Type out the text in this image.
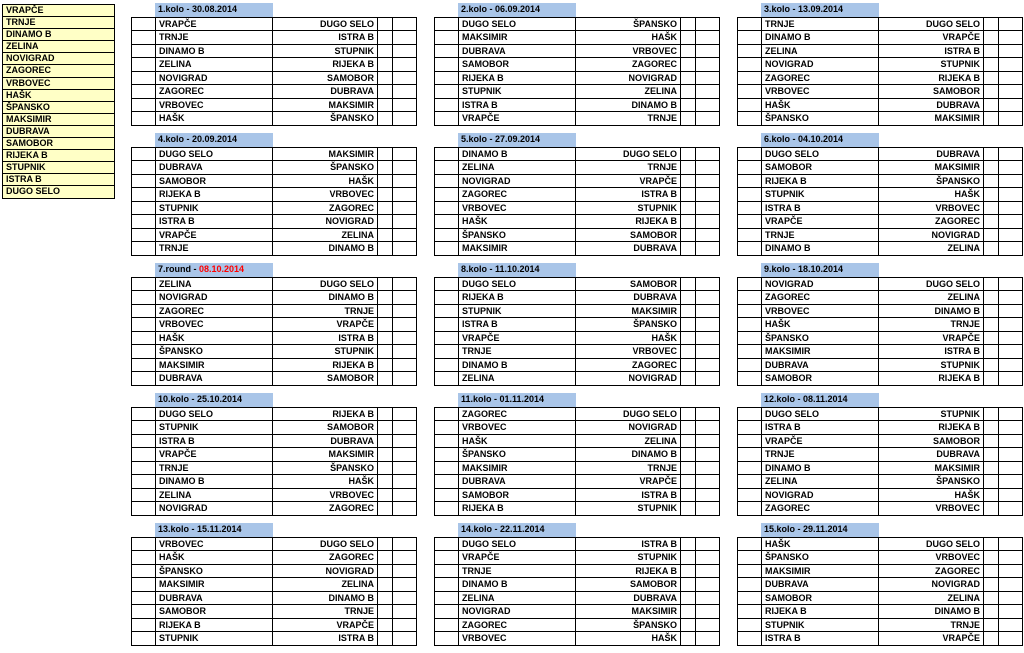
VRAPČE
TRNJE
DINAMO B
ZELINA
NOVIGRAD
ZAGOREC
VRBOVEC
HAŠK
ŠPANSKO
MAKSIMIR
DUBRAVA
SAMOBOR
RIJEKA B
STUPNIK
ISTRA B
DUGO SELO
1.kolo - 30.08.2014
	VRAPČE	DUGO SELO		
	TRNJE	ISTRA B		
	DINAMO B	STUPNIK		
	ZELINA	RIJEKA B		
	NOVIGRAD	SAMOBOR		
	ZAGOREC	DUBRAVA		
	VRBOVEC	MAKSIMIR		
	HAŠK	ŠPANSKO		
2.kolo - 06.09.2014
	DUGO SELO	ŠPANSKO		
	MAKSIMIR	HAŠK		
	DUBRAVA	VRBOVEC		
	SAMOBOR	ZAGOREC		
	RIJEKA B	NOVIGRAD		
	STUPNIK	ZELINA		
	ISTRA B	DINAMO B		
	VRAPČE	TRNJE		
3.kolo - 13.09.2014
	TRNJE	DUGO SELO		
	DINAMO B	VRAPČE		
	ZELINA	ISTRA B		
	NOVIGRAD	STUPNIK		
	ZAGOREC	RIJEKA B		
	VRBOVEC	SAMOBOR		
	HAŠK	DUBRAVA		
	ŠPANSKO	MAKSIMIR		
4.kolo - 20.09.2014
	DUGO SELO	MAKSIMIR		
	DUBRAVA	ŠPANSKO		
	SAMOBOR	HAŠK		
	RIJEKA B	VRBOVEC		
	STUPNIK	ZAGOREC		
	ISTRA B	NOVIGRAD		
	VRAPČE	ZELINA		
	TRNJE	DINAMO B		
5.kolo - 27.09.2014
	DINAMO B	DUGO SELO		
	ZELINA	TRNJE		
	NOVIGRAD	VRAPČE		
	ZAGOREC	ISTRA B		
	VRBOVEC	STUPNIK		
	HAŠK	RIJEKA B		
	ŠPANSKO	SAMOBOR		
	MAKSIMIR	DUBRAVA		
6.kolo - 04.10.2014
	DUGO SELO	DUBRAVA		
	SAMOBOR	MAKSIMIR		
	RIJEKA B	ŠPANSKO		
	STUPNIK	HAŠK		
	ISTRA B	VRBOVEC		
	VRAPČE	ZAGOREC		
	TRNJE	NOVIGRAD		
	DINAMO B	ZELINA		
7.round - 08.10.2014
	ZELINA	DUGO SELO		
	NOVIGRAD	DINAMO B		
	ZAGOREC	TRNJE		
	VRBOVEC	VRAPČE		
	HAŠK	ISTRA B		
	ŠPANSKO	STUPNIK		
	MAKSIMIR	RIJEKA B		
	DUBRAVA	SAMOBOR		
8.kolo - 11.10.2014
	DUGO SELO	SAMOBOR		
	RIJEKA B	DUBRAVA		
	STUPNIK	MAKSIMIR		
	ISTRA B	ŠPANSKO		
	VRAPČE	HAŠK		
	TRNJE	VRBOVEC		
	DINAMO B	ZAGOREC		
	ZELINA	NOVIGRAD		
9.kolo - 18.10.2014
	NOVIGRAD	DUGO SELO		
	ZAGOREC	ZELINA		
	VRBOVEC	DINAMO B		
	HAŠK	TRNJE		
	ŠPANSKO	VRAPČE		
	MAKSIMIR	ISTRA B		
	DUBRAVA	STUPNIK		
	SAMOBOR	RIJEKA B		
10.kolo - 25.10.2014
	DUGO SELO	RIJEKA B		
	STUPNIK	SAMOBOR		
	ISTRA B	DUBRAVA		
	VRAPČE	MAKSIMIR		
	TRNJE	ŠPANSKO		
	DINAMO B	HAŠK		
	ZELINA	VRBOVEC		
	NOVIGRAD	ZAGOREC		
11.kolo - 01.11.2014
	ZAGOREC	DUGO SELO		
	VRBOVEC	NOVIGRAD		
	HAŠK	ZELINA		
	ŠPANSKO	DINAMO B		
	MAKSIMIR	TRNJE		
	DUBRAVA	VRAPČE		
	SAMOBOR	ISTRA B		
	RIJEKA B	STUPNIK		
12.kolo - 08.11.2014
	DUGO SELO	STUPNIK		
	ISTRA B	RIJEKA B		
	VRAPČE	SAMOBOR		
	TRNJE	DUBRAVA		
	DINAMO B	MAKSIMIR		
	ZELINA	ŠPANSKO		
	NOVIGRAD	HAŠK		
	ZAGOREC	VRBOVEC		
13.kolo - 15.11.2014
	VRBOVEC	DUGO SELO		
	HAŠK	ZAGOREC		
	ŠPANSKO	NOVIGRAD		
	MAKSIMIR	ZELINA		
	DUBRAVA	DINAMO B		
	SAMOBOR	TRNJE		
	RIJEKA B	VRAPČE		
	STUPNIK	ISTRA B		
14.kolo - 22.11.2014
	DUGO SELO	ISTRA B		
	VRAPČE	STUPNIK		
	TRNJE	RIJEKA B		
	DINAMO B	SAMOBOR		
	ZELINA	DUBRAVA		
	NOVIGRAD	MAKSIMIR		
	ZAGOREC	ŠPANSKO		
	VRBOVEC	HAŠK		
15.kolo - 29.11.2014
	HAŠK	DUGO SELO		
	ŠPANSKO	VRBOVEC		
	MAKSIMIR	ZAGOREC		
	DUBRAVA	NOVIGRAD		
	SAMOBOR	ZELINA		
	RIJEKA B	DINAMO B		
	STUPNIK	TRNJE		
	ISTRA B	VRAPČE		
